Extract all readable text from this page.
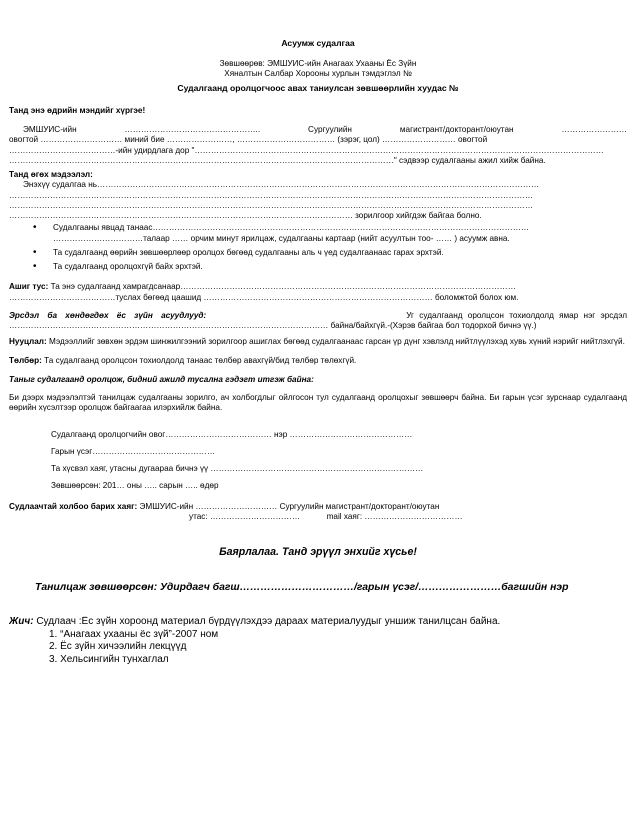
Асуумж судалгаа

Зөвшөөрөв: ЭМШУИС-ийн Анагаах Ухааны Ёс Зүйн

Хяналтын Салбар Хорооны хурлын тэмдэглэл №

Судалгаанд оролцогчоос авах таниулсан зөвшөөрлийн хуудас №

Танд энэ өдрийн мэндийг хүргэе!

ЭМШУИС-ийн	…………………………………………..	Сургуулийн	магистрант/докторант/оюутан	……………………

овогтой ………………………… миний бие ……………………, ……………………………… (зэрэг, цол) ……………………… овогтой

…………………………………-ийн удирдлага дор "……………………………………………………………………………………………………………………………………

……………………………………………………………………………………………………………………………" сэдвээр судалгааны ажил хийж байна.

Танд өгөх мэдээлэл:

Энэхүү судалгаа нь………………………………………………………………………………………………………………………………………………

…………………………………………………………………………………………………………………………………………………………………………

…………………………………………………………………………………………………………………………………………………………………………

……………………………………………………………………………………………………………… зорилгоор хийгдэж байгаа болно.

• Судалгааны явцад танаас…………………………………………………………………………………………………………………………
……………………………талаар …… орчим минут ярилцаж, судалгааны картаар (нийт асуултын тоо- …… ) асуумж авна.
• Та судалгаанд өөрийн зөвшөөрлөөр оролцох бөгөөд судалгааны аль ч үед судалгаанаас гарах эрхтэй.
• Та судалгаанд оролцохгүй байх эрхтэй.

Ашиг тус: Та энэ судалгаанд хамрагдсанаар……………………………………………………………………………………………………………

…………………………………туслах бөгөөд цаашид ………………………………………………………………………… боломжтой болох юм.

Эрсдэл ба хөндөгдөх ёс зүйн асуудлууд:	Уг судалгаанд оролцсон тохиолдолд ямар нэг эрсдэл

……………………………………………………………………………………………………… байна/байхгүй.-(Хэрэв байгаа бол тодорхой бичнэ үү.)

Нууцлал: Мэдээллийг зөвхөн эрдэм шинжилгээний зорилгоор ашиглах бөгөөд судалгаанаас гарсан үр дүнг хэвлэлд нийтлүүлэхэд хувь хүний нэрийг нийтлэхгүй.

Төлбөр: Та судалгаанд оролцсон тохиолдолд танаас төлбөр авахгүй/бид төлбөр төлөхгүй.

Таныг судалгаанд оролцож, бидний ажилд тусална гэдэгт итгэж байна:

Би дээрх мэдээлэлтэй танилцаж судалгааны зорилго, ач холбогдлыг ойлгосон тул судалгаанд оролцохыг зөвшөөрч байна. Би гарын үсэг зурснаар судалгаанд өөрийн хүсэлтээр оролцож байгаагаа илэрхийлж байна.

Судалгаанд оролцогчийн овог………………………………… нэр ………………………………………

Гарын үсэг………………………………………

Та хүсвэл хаяг, утасны дугаараа бичнэ үү ……………………………………………………………………

Зөвшөөрсөн: 201… оны ….. сарын ….. өдөр

Судлаачтай холбоо барих хаяг: ЭМШУИС-ийн ………………………… Сургуулийн магистрант/докторант/оюутан

утас: ……………………………	mail хаяг: ………………………………

Баярлалаа. Танд эрүүл энхийг хүсье!

Танилцаж зөвшөөрсөн: Удирдагч багш……………………………/гарын үсэг/……………………багшийн нэр

Жич: Судлаач :Ёс зүйн хороонд материал бүрдүүлэхдээ дараах материалуудыг уншиж танилцсан байна.

1. “Анагаах ухааны ёс зүй”-2007 ном
2. Ёс зүйн хичээлийн лекцүүд
3. Хельсингийн тунхаглал
